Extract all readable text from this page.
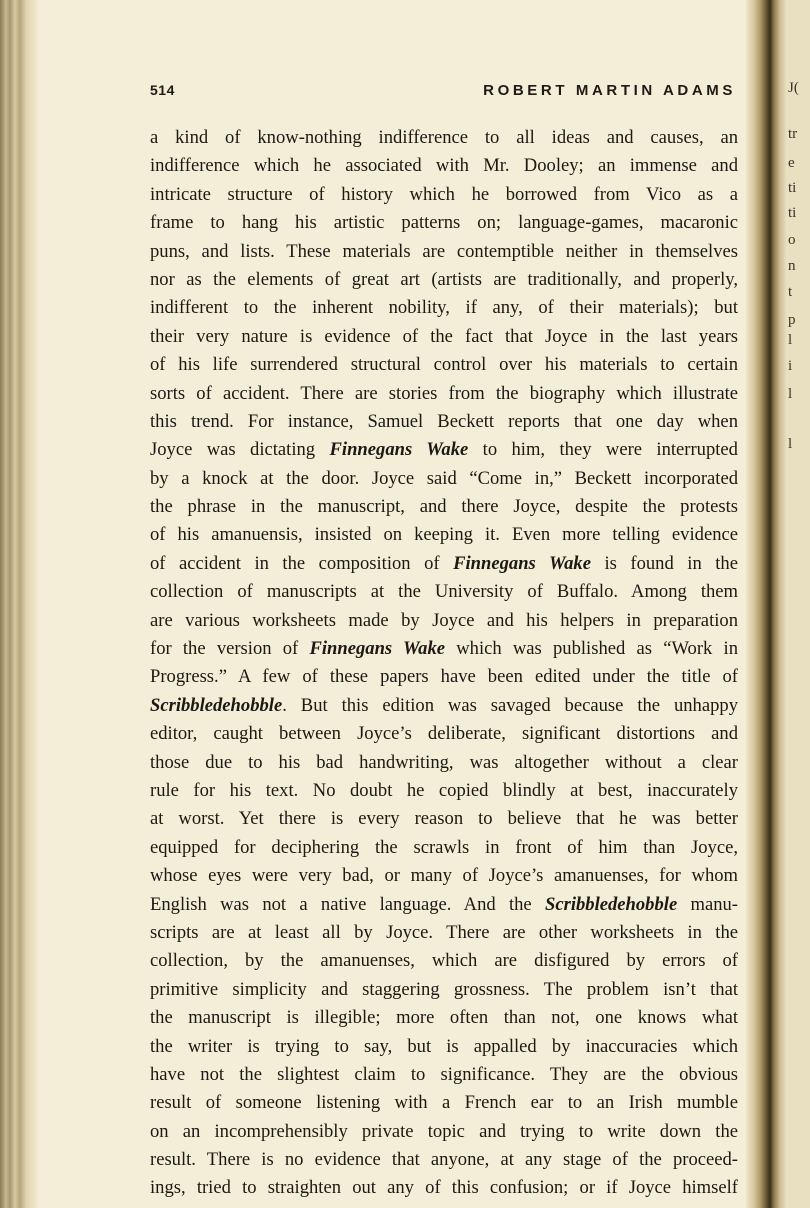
514	ROBERT MARTIN ADAMS
a kind of know-nothing indifference to all ideas and causes, an
indifference which he associated with Mr. Dooley; an immense and
intricate structure of history which he borrowed from Vico as a
frame to hang his artistic patterns on; language-games, macaronic
puns, and lists. These materials are contemptible neither in themselves
nor as the elements of great art (artists are traditionally, and properly,
indifferent to the inherent nobility, if any, of their materials); but
their very nature is evidence of the fact that Joyce in the last years
of his life surrendered structural control over his materials to certain
sorts of accident. There are stories from the biography which illustrate
this trend. For instance, Samuel Beckett reports that one day when
Joyce was dictating Finnegans Wake to him, they were interrupted
by a knock at the door. Joyce said “Come in,” Beckett incorporated
the phrase in the manuscript, and there Joyce, despite the protests
of his amanuensis, insisted on keeping it. Even more telling evidence
of accident in the composition of Finnegans Wake is found in the
collection of manuscripts at the University of Buffalo. Among them
are various worksheets made by Joyce and his helpers in preparation
for the version of Finnegans Wake which was published as “Work in
Progress.” A few of these papers have been edited under the title of
Scribbledehobble. But this edition was savaged because the unhappy
editor, caught between Joyce’s deliberate, significant distortions and
those due to his bad handwriting, was altogether without a clear
rule for his text. No doubt he copied blindly at best, inaccurately
at worst. Yet there is every reason to believe that he was better
equipped for deciphering the scrawls in front of him than Joyce,
whose eyes were very bad, or many of Joyce’s amanuenses, for whom
English was not a native language. And the Scribbledehobble manu-
scripts are at least all by Joyce. There are other worksheets in the
collection, by the amanuenses, which are disfigured by errors of
primitive simplicity and staggering grossness. The problem isn’t that
the manuscript is illegible; more often than not, one knows what
the writer is trying to say, but is appalled by inaccuracies which
have not the slightest claim to significance. They are the obvious
result of someone listening with a French ear to an Irish mumble
on an incomprehensibly private topic and trying to write down the
result. There is no evidence that anyone, at any stage of the proceed-
ings, tried to straighten out any of this confusion; or if Joyce himself
J(
tr
e
ti
ti
o
n
t
p
l
i
l
l
